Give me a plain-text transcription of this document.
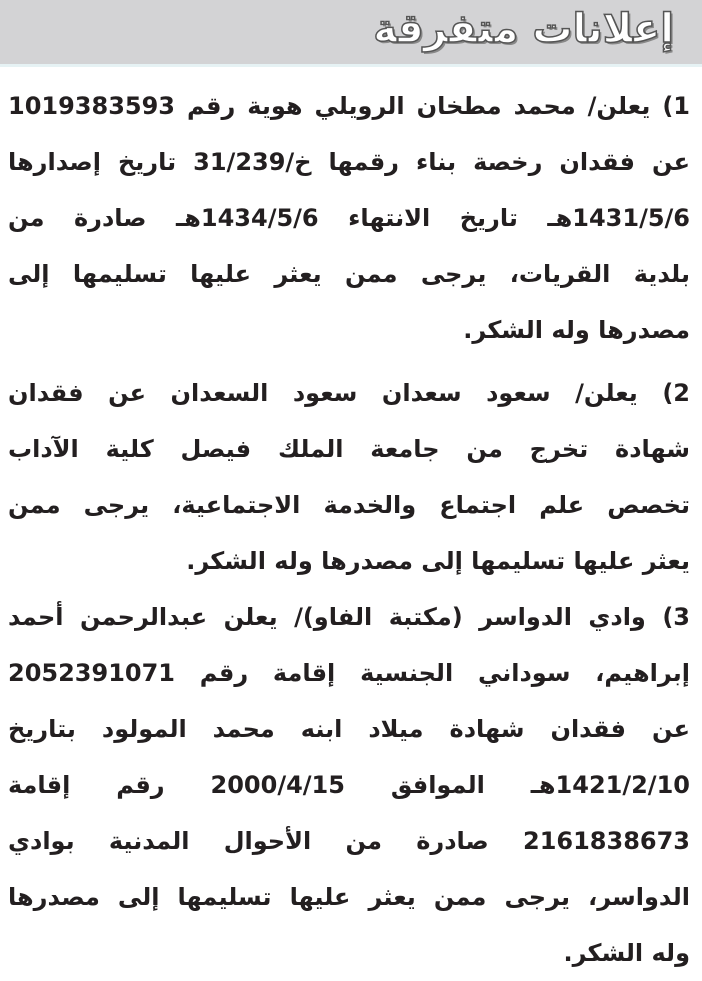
إعلانات متفرقة
1) يعلن/ محمد مطخان الرويلي هوية رقم 1019383593
عن فقدان رخصة بناء رقمها خ/31/239 تاريخ إصدارها
1431/5/6هـ تاريخ الانتهاء 1434/5/6هـ صادرة من
بلدية القريات، يرجى ممن يعثر عليها تسليمها إلى
مصدرها وله الشكر.
2) يعلن/ سعود سعدان سعود السعدان عن فقدان
شهادة تخرج من جامعة الملك فيصل كلية الآداب
تخصص علم اجتماع والخدمة الاجتماعية، يرجى ممن
يعثر عليها تسليمها إلى مصدرها وله الشكر.
3) وادي الدواسر (مكتبة الفاو)/ يعلن عبدالرحمن أحمد
إبراهيم، سوداني الجنسية إقامة رقم 2052391071
عن فقدان شهادة ميلاد ابنه محمد المولود بتاريخ
1421/2/10هـ الموافق 2000/4/15 رقم إقامة
2161838673 صادرة من الأحوال المدنية بوادي
الدواسر، يرجى ممن يعثر عليها تسليمها إلى مصدرها
وله الشكر.
